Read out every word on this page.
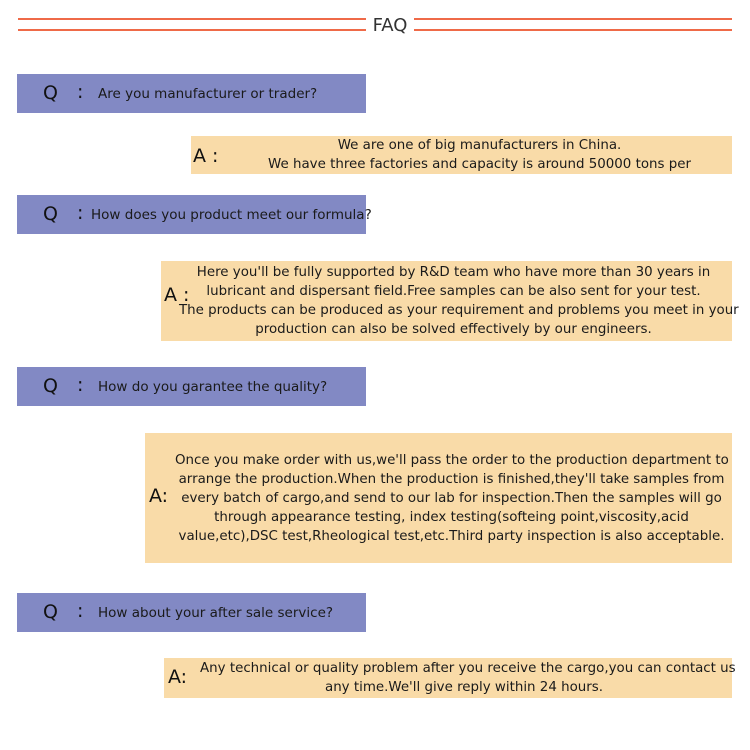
FAQ
Q : Are you manufacturer or trader?
A :	We are one of big manufacturers in China.
We have three factories and capacity is around 50000 tons per
Q : How does you product meet our formula?
A :
Here you'll be fully supported by R&D team who have more than 30 years in
lubricant and dispersant field.Free samples can be also sent for your test.
The products can be produced as your requirement and problems you meet in your
production can also be solved effectively by our engineers.
Q : How do you garantee the quality?
A:
Once you make order with us,we'll pass the order to the production department to
arrange the production.When the production is finished,they'll take samples from
every batch of cargo,and send to our lab for inspection.Then the samples will go
through appearance testing, index testing(softeing point,viscosity,acid
value,etc),DSC test,Rheological test,etc.Third party inspection is also acceptable.
Q : How about your after sale service?
A: Any technical or quality problem after you receive the cargo,you can contact us
any time.We'll give reply within 24 hours.
